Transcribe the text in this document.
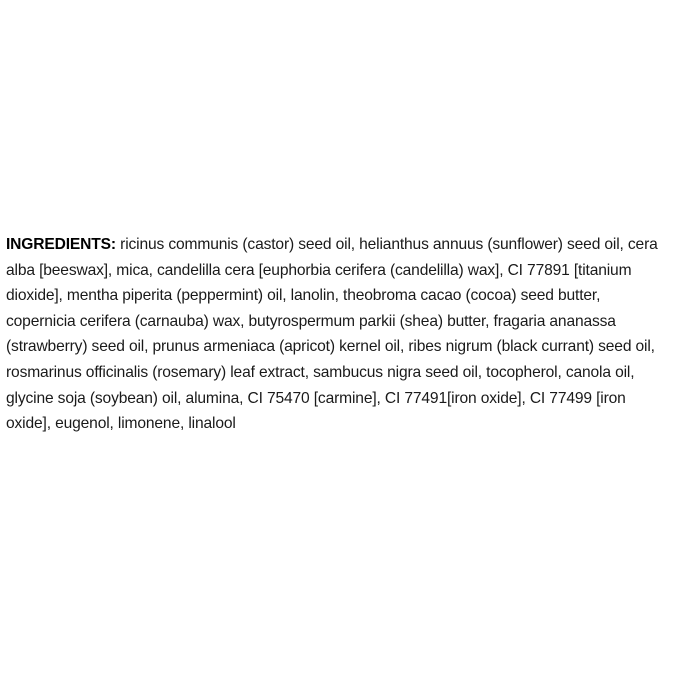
INGREDIENTS: ricinus communis (castor) seed oil, helianthus annuus (sunflower) seed oil, cera alba [beeswax], mica, candelilla cera [euphorbia cerifera (candelilla) wax], CI 77891 [titanium dioxide], mentha piperita (peppermint) oil, lanolin, theobroma cacao (cocoa) seed butter, copernicia cerifera (carnauba) wax, butyrospermum parkii (shea) butter, fragaria ananassa (strawberry) seed oil, prunus armeniaca (apricot) kernel oil, ribes nigrum (black currant) seed oil, rosmarinus officinalis (rosemary) leaf extract, sambucus nigra seed oil, tocopherol, canola oil, glycine soja (soybean) oil, alumina, CI 75470 [carmine], CI 77491[iron oxide], CI 77499 [iron oxide], eugenol, limonene, linalool
